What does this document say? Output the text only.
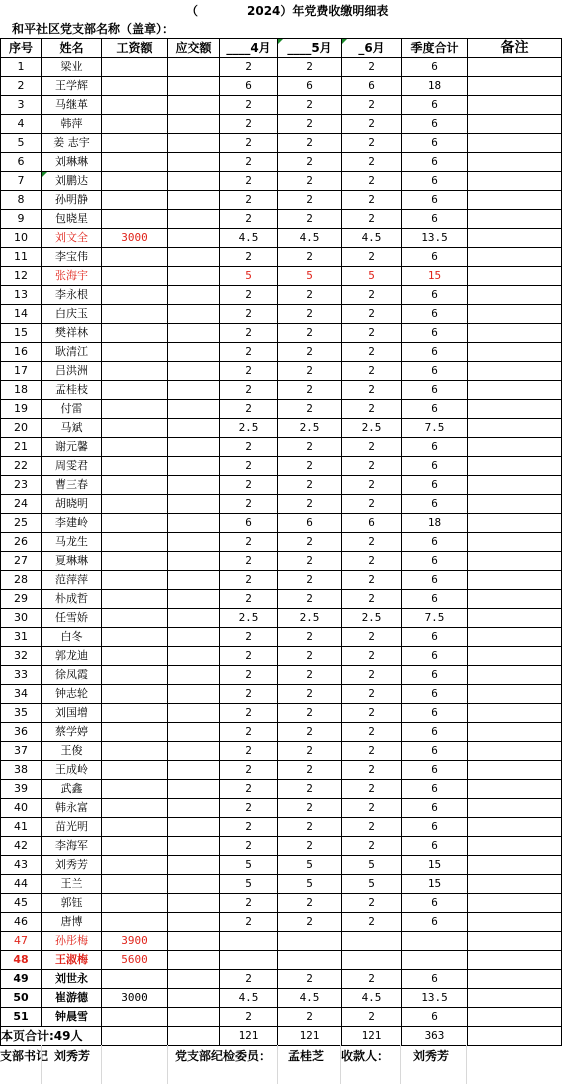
（	2024）年党费收缴明细表
和平社区党支部名称（盖章）：
序号	姓名	工资额	应交额	____4月	____5月	_6月	季度合计	备注
1	梁业			2	2	2	6	
2	王学辉			6	6	6	18	
3	马继革			2	2	2	6	
4	韩萍			2	2	2	6	
5	姜 志宇			2	2	2	6	
6	刘琳琳			2	2	2	6	
7	刘鹏达			2	2	2	6	
8	孙明静			2	2	2	6	
9	包晓星			2	2	2	6	
10	刘文全	3000		4.5	4.5	4.5	13.5	
11	李宝伟			2	2	2	6	
12	张海宇			5	5	5	15	
13	李永根			2	2	2	6	
14	白庆玉			2	2	2	6	
15	樊祥林			2	2	2	6	
16	耿清江			2	2	2	6	
17	吕洪洲			2	2	2	6	
18	孟桂枝			2	2	2	6	
19	付雷			2	2	2	6	
20	马斌			2.5	2.5	2.5	7.5	
21	谢元馨			2	2	2	6	
22	周雯君			2	2	2	6	
23	曹三春			2	2	2	6	
24	胡晓明			2	2	2	6	
25	李建岭			6	6	6	18	
26	马龙生			2	2	2	6	
27	夏琳琳			2	2	2	6	
28	范萍萍			2	2	2	6	
29	朴成哲			2	2	2	6	
30	任雪娇			2.5	2.5	2.5	7.5	
31	白冬			2	2	2	6	
32	郭龙迪			2	2	2	6	
33	徐凤霞			2	2	2	6	
34	钟志轮			2	2	2	6	
35	刘国增			2	2	2	6	
36	蔡学婷			2	2	2	6	
37	王俊			2	2	2	6	
38	王成岭			2	2	2	6	
39	武鑫			2	2	2	6	
40	韩永富			2	2	2	6	
41	苗光明			2	2	2	6	
42	李海军			2	2	2	6	
43	刘秀芳			5	5	5	15	
44	王兰			5	5	5	15	
45	郭钰			2	2	2	6	
46	唐博			2	2	2	6	
47	孙彤梅	3900						
48	王淑梅	5600						
49	刘世永			2	2	2	6	
50	崔游德	3000		4.5	4.5	4.5	13.5	
51	钟晨雪			2	2	2	6	
本页合计:49人				121	121	121	363	
支部书记 刘秀芳	党支部纪检委员： 孟桂芝 收款人： 刘秀芳
